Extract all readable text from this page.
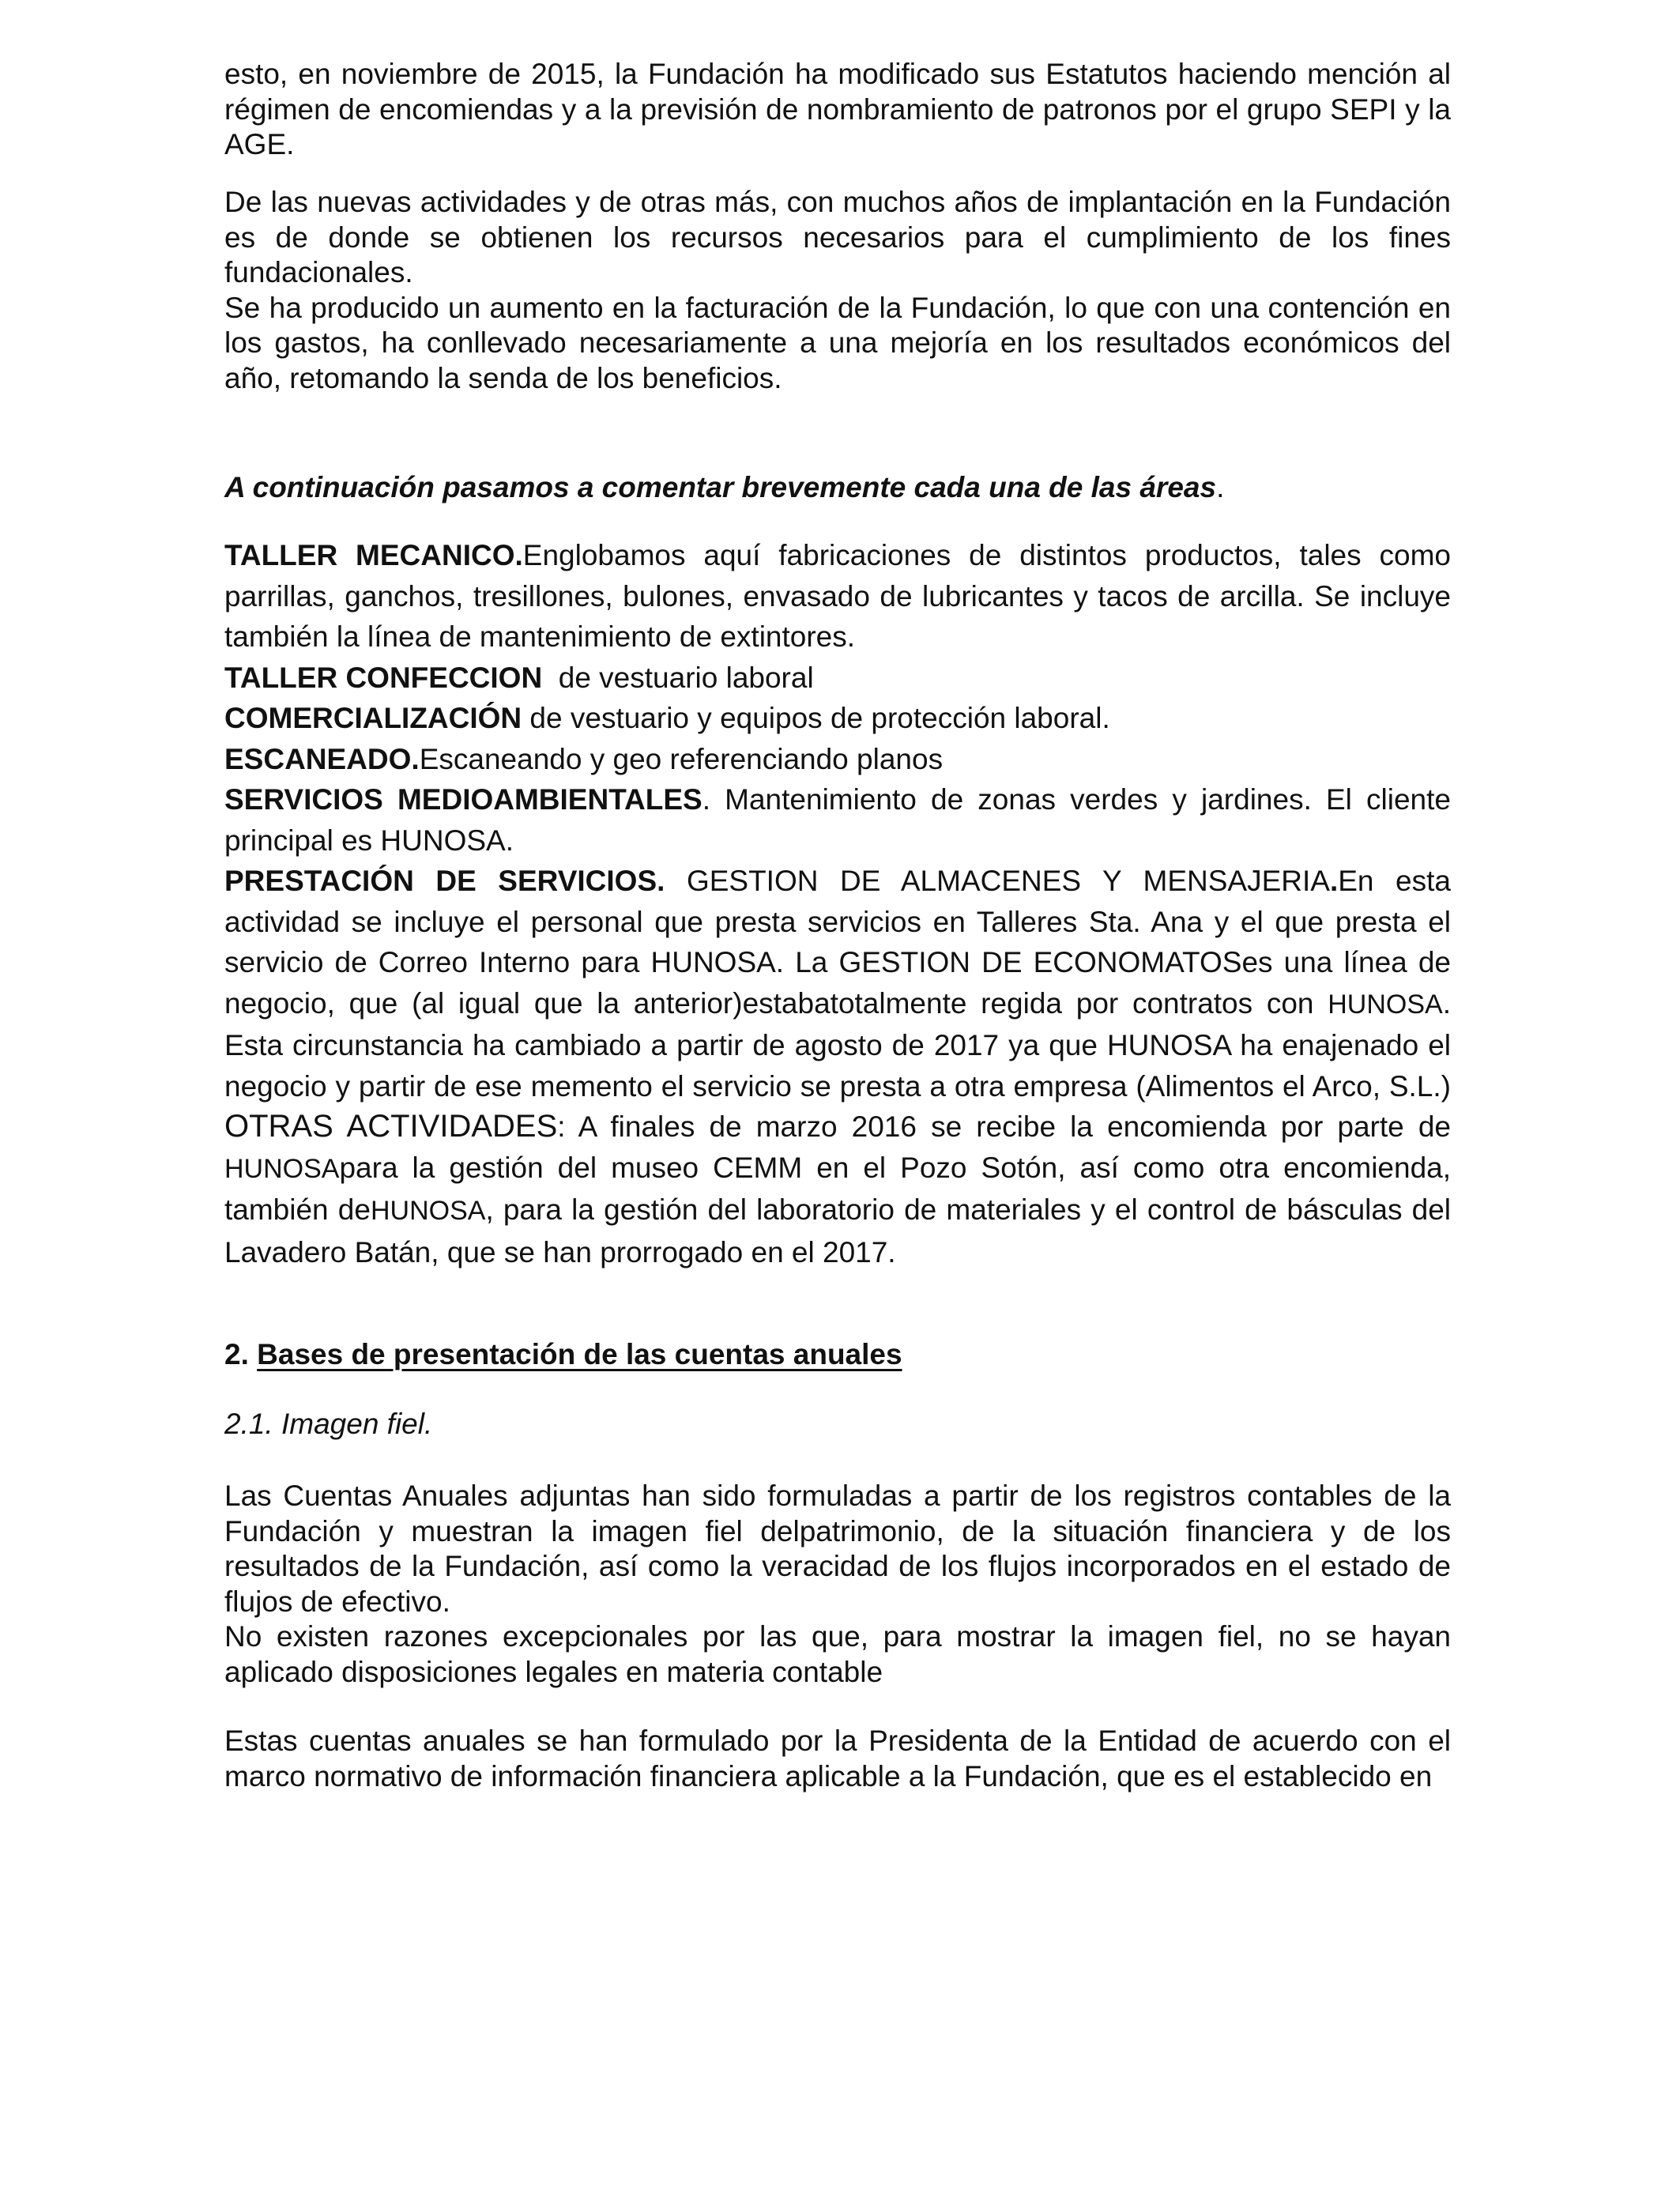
esto, en noviembre de 2015, la Fundación ha modificado sus Estatutos haciendo mención al régimen de encomiendas y a la previsión de nombramiento de patronos por el grupo SEPI y la AGE.

De las nuevas actividades y de otras más, con muchos años de implantación en la Fundación es de donde se obtienen los recursos necesarios para el cumplimiento de los fines fundacionales.

Se ha producido un aumento en la facturación de la Fundación, lo que con una contención en los gastos, ha conllevado necesariamente a una mejoría en los resultados económicos del año, retomando la senda de los beneficios.

A continuación pasamos a comentar brevemente cada una de las áreas.

TALLER MECANICO.Englobamos aquí fabricaciones de distintos productos, tales como parrillas, ganchos, tresillones, bulones, envasado de lubricantes y tacos de arcilla. Se incluye también la línea de mantenimiento de extintores.

TALLER CONFECCION  de vestuario laboral

COMERCIALIZACIÓN de vestuario y equipos de protección laboral.

ESCANEADO.Escaneando y geo referenciando planos

SERVICIOS MEDIOAMBIENTALES. Mantenimiento de zonas verdes y jardines. El cliente principal es HUNOSA.

PRESTACIÓN DE SERVICIOS. GESTION DE ALMACENES Y MENSAJERIA.En esta actividad se incluye el personal que presta servicios en Talleres Sta. Ana y el que presta el servicio de Correo Interno para HUNOSA. La GESTION DE ECONOMATOSes una línea de negocio, que (al igual que la anterior)estabatotalmente regida por contratos con HUNOSA. Esta circunstancia ha cambiado a partir de agosto de 2017 ya que HUNOSA ha enajenado el negocio y partir de ese memento el servicio se presta a otra empresa (Alimentos el Arco, S.L.) OTRAS ACTIVIDADES: A finales de marzo 2016 se recibe la encomienda por parte de HUNOSApara la gestión del museo CEMM en el Pozo Sotón, así como otra encomienda, también deHUNOSA, para la gestión del laboratorio de materiales y el control de básculas del Lavadero Batán, que se han prorrogado en el 2017.

2. Bases de presentación de las cuentas anuales

2.1. Imagen fiel.

Las Cuentas Anuales adjuntas han sido formuladas a partir de los registros contables de la Fundación y muestran la imagen fiel delpatrimonio, de la situación financiera y de los resultados de la Fundación, así como la veracidad de los flujos incorporados en el estado de flujos de efectivo.

No existen razones excepcionales por las que, para mostrar la imagen fiel, no se hayan aplicado disposiciones legales en materia contable

Estas cuentas anuales se han formulado por la Presidenta de la Entidad de acuerdo con el marco normativo de información financiera aplicable a la Fundación, que es el establecido en
